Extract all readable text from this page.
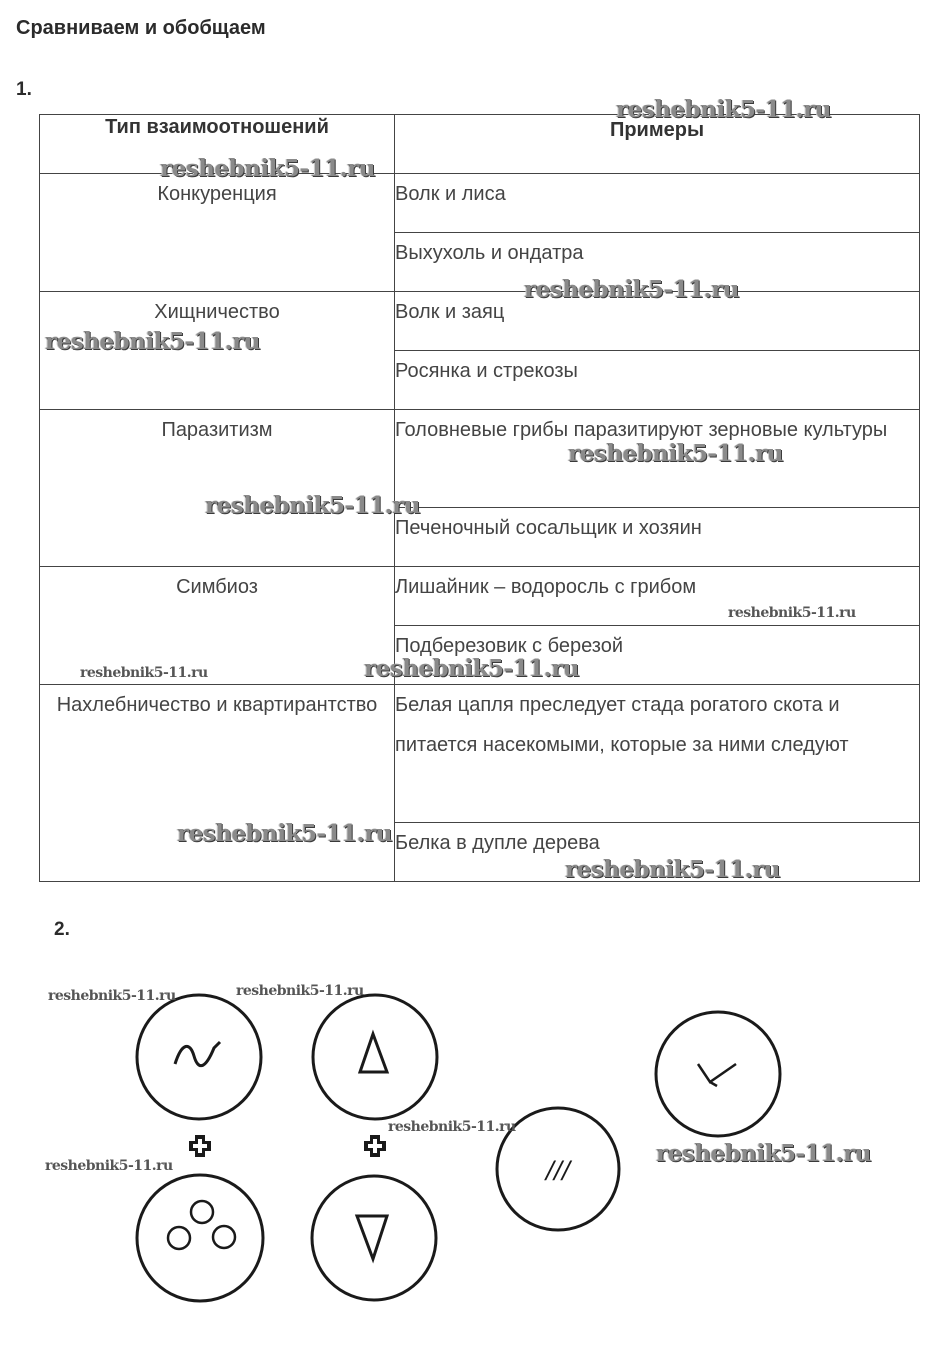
Сравниваем и обобщаем
1.
Тип взаимоотношений	Примеры

Конкуренция	Волк и лиса
	Выхухоль и ондатра
Хищничество	Волк и заяц
	Росянка и стрекозы
Паразитизм	Головневые грибы паразитируют зерновые культуры
	Печеночный сосальщик и хозяин
Симбиоз	Лишайник – водоросль с грибом
	Подберезовик с березой
Нахлебничество и квартирантство	Белая цапля преследует стада рогатого скота и питается насекомыми, которые за ними следуют
	Белка в дупле дерева
2.
///
reshebnik5-11.ru
reshebnik5-11.ru
reshebnik5-11.ru
reshebnik5-11.ru
reshebnik5-11.ru
reshebnik5-11.ru
reshebnik5-11.ru
reshebnik5-11.ru	reshebnik5-11.ru
reshebnik5-11.ru
reshebnik5-11.ru
reshebnik5-11.ru	reshebnik5-11.ru
reshebnik5-11.ru
reshebnik5-11.ru	reshebnik5-11.ru
